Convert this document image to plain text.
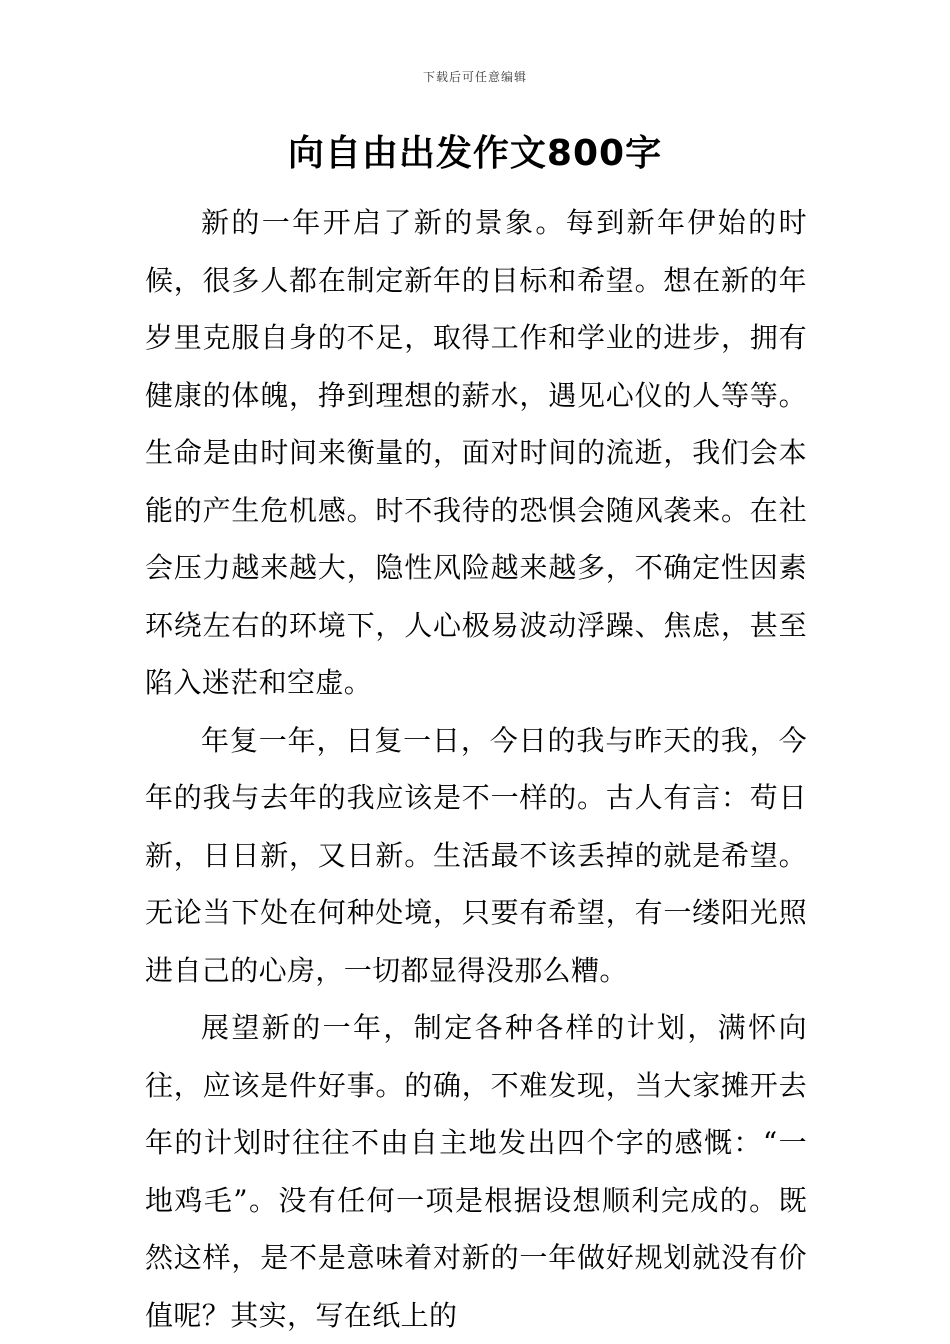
下载后可任意编辑
向自由出发作文800字

新的一年开启了新的景象。每到新年伊始的时候，很多人都在制定新年的目标和希望。想在新的年岁里克服自身的不足，取得工作和学业的进步，拥有健康的体魄，挣到理想的薪水，遇见心仪的人等等。生命是由时间来衡量的，面对时间的流逝，我们会本能的产生危机感。时不我待的恐惧会随风袭来。在社会压力越来越大，隐性风险越来越多，不确定性因素环绕左右的环境下，人心极易波动浮躁、焦虑，甚至陷入迷茫和空虚。

年复一年，日复一日，今日的我与昨天的我，今年的我与去年的我应该是不一样的。古人有言：苟日新，日日新，又日新。生活最不该丢掉的就是希望。无论当下处在何种处境，只要有希望，有一缕阳光照进自己的心房，一切都显得没那么糟。

展望新的一年，制定各种各样的计划，满怀向往，应该是件好事。的确，不难发现，当大家摊开去年的计划时往往不由自主地发出四个字的感慨：“一地鸡毛”。没有任何一项是根据设想顺利完成的。既然这样，是不是意味着对新的一年做好规划就没有价值呢？其实，写在纸上的
